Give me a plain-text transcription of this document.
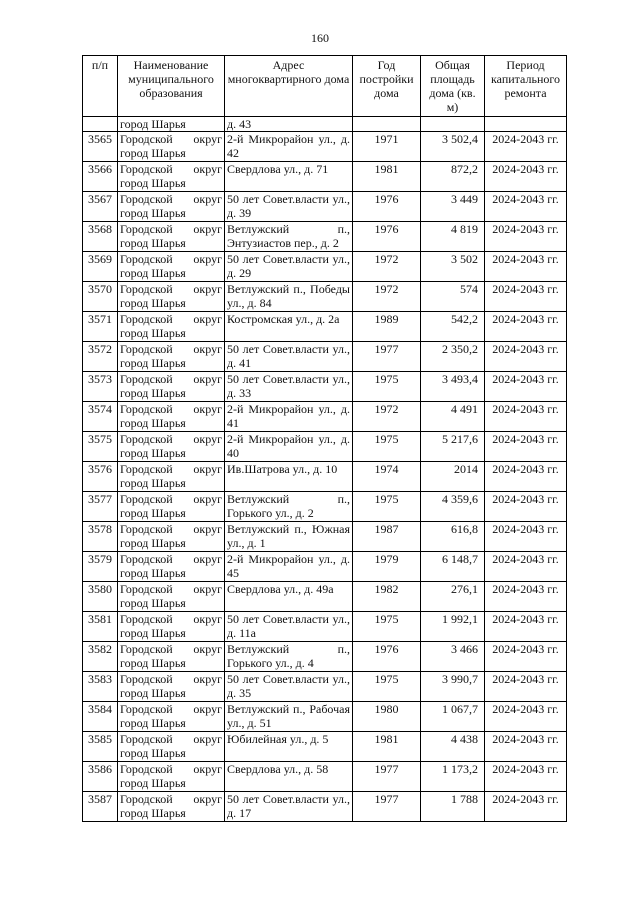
160
п/п	Наименование муниципального образования	Адрес многоквартирного дома	Год постройки дома	Общая площадь дома (кв. м)	Период капитального ремонта
	город Шарья	д. 43			
3565	Городской округ город Шарья	2-й Микрорайон ул., д. 42	1971	3 502,4	2024-2043 гг.
3566	Городской округ город Шарья	Свердлова ул., д. 71	1981	872,2	2024-2043 гг.
3567	Городской округ город Шарья	50 лет Совет.власти ул., д. 39	1976	3 449	2024-2043 гг.
3568	Городской округ город Шарья	Ветлужский п., Энтузиастов пер., д. 2	1976	4 819	2024-2043 гг.
3569	Городской округ город Шарья	50 лет Совет.власти ул., д. 29	1972	3 502	2024-2043 гг.
3570	Городской округ город Шарья	Ветлужский п., Победы ул., д. 84	1972	574	2024-2043 гг.
3571	Городской округ город Шарья	Костромская ул., д. 2а	1989	542,2	2024-2043 гг.
3572	Городской округ город Шарья	50 лет Совет.власти ул., д. 41	1977	2 350,2	2024-2043 гг.
3573	Городской округ город Шарья	50 лет Совет.власти ул., д. 33	1975	3 493,4	2024-2043 гг.
3574	Городской округ город Шарья	2-й Микрорайон ул., д. 41	1972	4 491	2024-2043 гг.
3575	Городской округ город Шарья	2-й Микрорайон ул., д. 40	1975	5 217,6	2024-2043 гг.
3576	Городской округ город Шарья	Ив.Шатрова ул., д. 10	1974	2014	2024-2043 гг.
3577	Городской округ город Шарья	Ветлужский п., Горького ул., д. 2	1975	4 359,6	2024-2043 гг.
3578	Городской округ город Шарья	Ветлужский п., Южная ул., д. 1	1987	616,8	2024-2043 гг.
3579	Городской округ город Шарья	2-й Микрорайон ул., д. 45	1979	6 148,7	2024-2043 гг.
3580	Городской округ город Шарья	Свердлова ул., д. 49а	1982	276,1	2024-2043 гг.
3581	Городской округ город Шарья	50 лет Совет.власти ул., д. 11а	1975	1 992,1	2024-2043 гг.
3582	Городской округ город Шарья	Ветлужский п., Горького ул., д. 4	1976	3 466	2024-2043 гг.
3583	Городской округ город Шарья	50 лет Совет.власти ул., д. 35	1975	3 990,7	2024-2043 гг.
3584	Городской округ город Шарья	Ветлужский п., Рабочая ул., д. 51	1980	1 067,7	2024-2043 гг.
3585	Городской округ город Шарья	Юбилейная ул., д. 5	1981	4 438	2024-2043 гг.
3586	Городской округ город Шарья	Свердлова ул., д. 58	1977	1 173,2	2024-2043 гг.
3587	Городской округ город Шарья	50 лет Совет.власти ул., д. 17	1977	1 788	2024-2043 гг.
